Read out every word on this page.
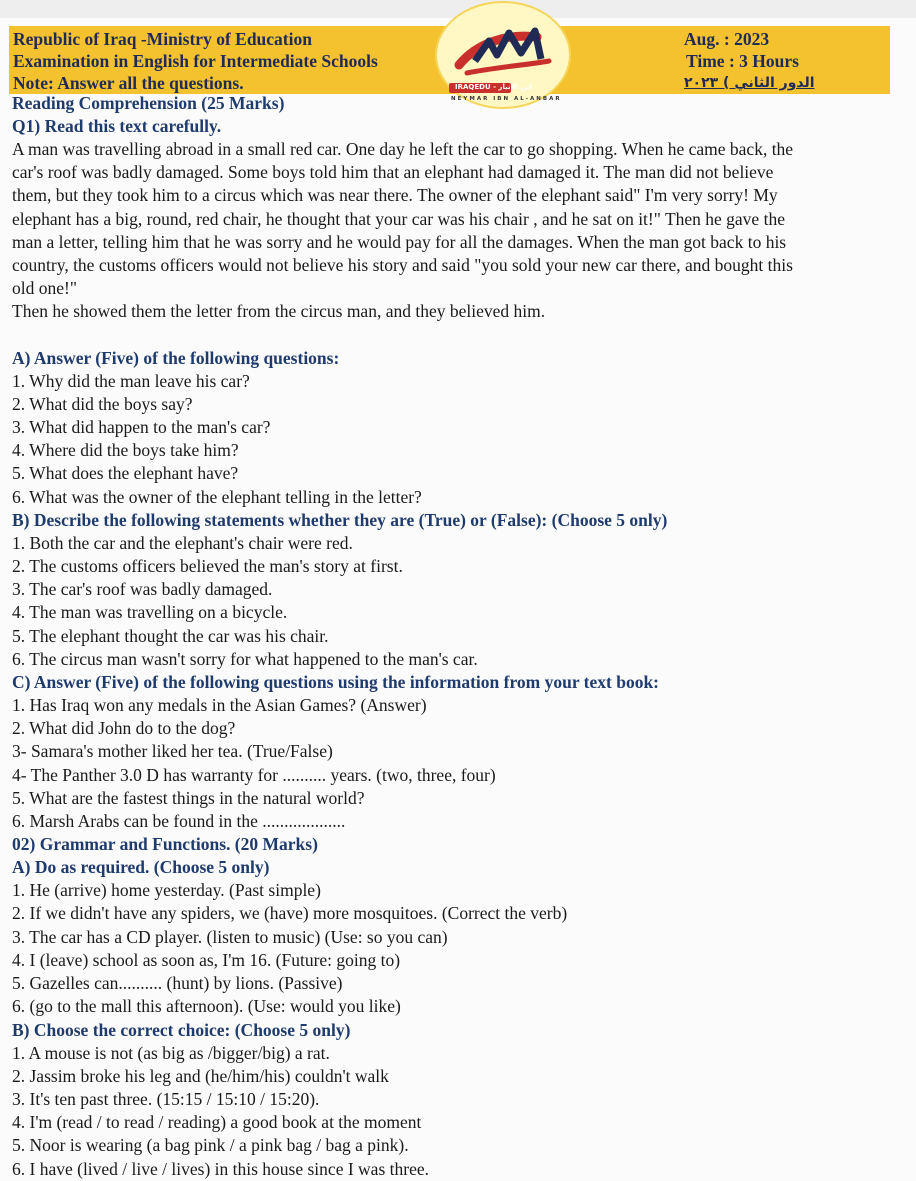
Republic of Iraq -Ministry of Education
Examination in English for Intermediate Schools
Note: Answer all the questions.
Aug. : 2023
Time : 3 Hours
الدور الثاني ) ٢٠٢٣
IRAQEDU - ابن الانبار
NEYMAR IBN AL-ANBAR
Reading Comprehension (25 Marks)
Q1) Read this text carefully.
A man was travelling abroad in a small red car. One day he left the car to go shopping. When he came back, the
car's roof was badly damaged. Some boys told him that an elephant had damaged it. The man did not believe
them, but they took him to a circus which was near there. The owner of the elephant said" I'm very sorry! My
elephant has a big, round, red chair, he thought that your car was his chair , and he sat on it!" Then he gave the
man a letter, telling him that he was sorry and he would pay for all the damages. When the man got back to his
country, the customs officers would not believe his story and said "you sold your new car there, and bought this
old one!"
Then he showed them the letter from the circus man, and they believed him.
A) Answer (Five) of the following questions:
1. Why did the man leave his car?
2. What did the boys say?
3. What did happen to the man's car?
4. Where did the boys take him?
5. What does the elephant have?
6. What was the owner of the elephant telling in the letter?
B) Describe the following statements whether they are (True) or (False): (Choose 5 only)
1. Both the car and the elephant's chair were red.
2. The customs officers believed the man's story at first.
3. The car's roof was badly damaged.
4. The man was travelling on a bicycle.
5. The elephant thought the car was his chair.
6. The circus man wasn't sorry for what happened to the man's car.
C) Answer (Five) of the following questions using the information from your text book:
1. Has Iraq won any medals in the Asian Games? (Answer)
2. What did John do to the dog?
3- Samara's mother liked her tea. (True/False)
4- The Panther 3.0 D has warranty for .......... years. (two, three, four)
5. What are the fastest things in the natural world?
6. Marsh Arabs can be found in the ...................
02) Grammar and Functions. (20 Marks)
A) Do as required. (Choose 5 only)
1. He (arrive) home yesterday. (Past simple)
2. If we didn't have any spiders, we (have) more mosquitoes. (Correct the verb)
3. The car has a CD player. (listen to music) (Use: so you can)
4. I (leave) school as soon as, I'm 16. (Future: going to)
5. Gazelles can.......... (hunt) by lions. (Passive)
6. (go to the mall this afternoon). (Use: would you like)
B) Choose the correct choice: (Choose 5 only)
1. A mouse is not (as big as /bigger/big) a rat.
2. Jassim broke his leg and (he/him/his) couldn't walk
3. It's ten past three. (15:15 / 15:10 / 15:20).
4. I'm (read / to read / reading) a good book at the moment
5. Noor is wearing (a bag pink / a pink bag / bag a pink).
6. I have (lived / live / lives) in this house since I was three.
